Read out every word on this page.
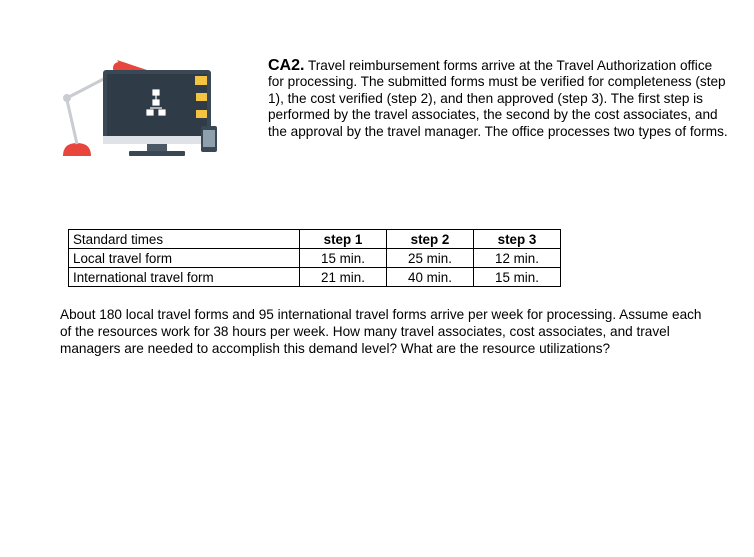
CA2. Travel reimbursement forms arrive at the Travel Authorization office for processing. The submitted forms must be verified for completeness (step 1), the cost verified (step 2), and then approved (step 3). The first step is performed by the travel associates, the second by the cost associates, and the approval by the travel manager. The office processes two types of forms.
Standard times	step 1	step 2	step 3
Local travel form	15 min.	25 min.	12 min.
International travel form	21 min.	40 min.	15 min.
About 180 local travel forms and 95 international travel forms arrive per week for processing. Assume each of the resources work for 38 hours per week. How many travel associates, cost associates, and travel managers are needed to accomplish this demand level? What are the resource utilizations?
